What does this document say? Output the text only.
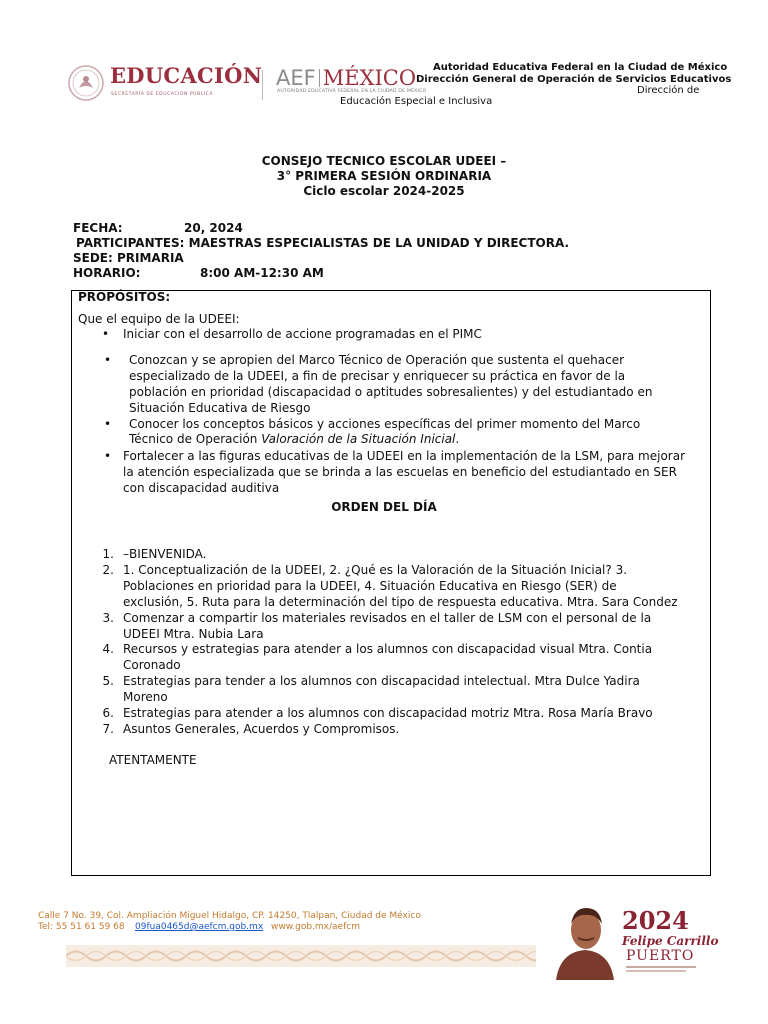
EDUCACIÓN
SECRETARÍA DE EDUCACIÓN PÚBLICA
AEF MÉXICO
AUTORIDAD EDUCATIVA FEDERAL EN LA CIUDAD DE MÉXICO
Autoridad Educativa Federal en la Ciudad de México
Dirección General de Operación de Servicios Educativos
Dirección de
Educación Especial e Inclusiva
CONSEJO TECNICO ESCOLAR UDEEI –
3° PRIMERA SESIÓN ORDINARIA
Ciclo escolar 2024-2025
FECHA:	20, 2024
PARTICIPANTES: MAESTRAS ESPECIALISTAS DE LA UNIDAD Y DIRECTORA.
SEDE: PRIMARIA
HORARIO:	8:00 AM-12:30 AM
PROPÓSITOS:
Que el equipo de la UDEEI:
• Iniciar con el desarrollo de accione programadas en el PIMC
• Conozcan y se apropien del Marco Técnico de Operación que sustenta el quehacer
especializado de la UDEEI, a fin de precisar y enriquecer su práctica en favor de la
población en prioridad (discapacidad o aptitudes sobresalientes) y del estudiantado en
Situación Educativa de Riesgo
• Conocer los conceptos básicos y acciones específicas del primer momento del Marco
Técnico de Operación Valoración de la Situación Inicial.
• Fortalecer a las figuras educativas de la UDEEI en la implementación de la LSM, para mejorar
la atención especializada que se brinda a las escuelas en beneficio del estudiantado en SER
con discapacidad auditiva
ORDEN DEL DÍA
1. –BIENVENIDA.
2. 1. Conceptualización de la UDEEI, 2. ¿Qué es la Valoración de la Situación Inicial? 3.
Poblaciones en prioridad para la UDEEI, 4. Situación Educativa en Riesgo (SER) de
exclusión, 5. Ruta para la determinación del tipo de respuesta educativa. Mtra. Sara Condez
3. Comenzar a compartir los materiales revisados en el taller de LSM con el personal de la
UDEEI Mtra. Nubia Lara
4. Recursos y estrategias para atender a los alumnos con discapacidad visual Mtra. Contia
Coronado
5. Estrategias para tender a los alumnos con discapacidad intelectual. Mtra Dulce Yadira
Moreno
6. Estrategias para atender a los alumnos con discapacidad motriz Mtra. Rosa María Bravo
7. Asuntos Generales, Acuerdos y Compromisos.
ATENTAMENTE
Calle 7 No. 39, Col. Ampliación Miguel Hidalgo, CP. 14250, Tlalpan, Ciudad de México
Tel: 55 51 61 59 68 09fua0465d@aefcm.gob.mx www.gob.mx/aefcm	2024
Felipe Carrillo
PUERTO
